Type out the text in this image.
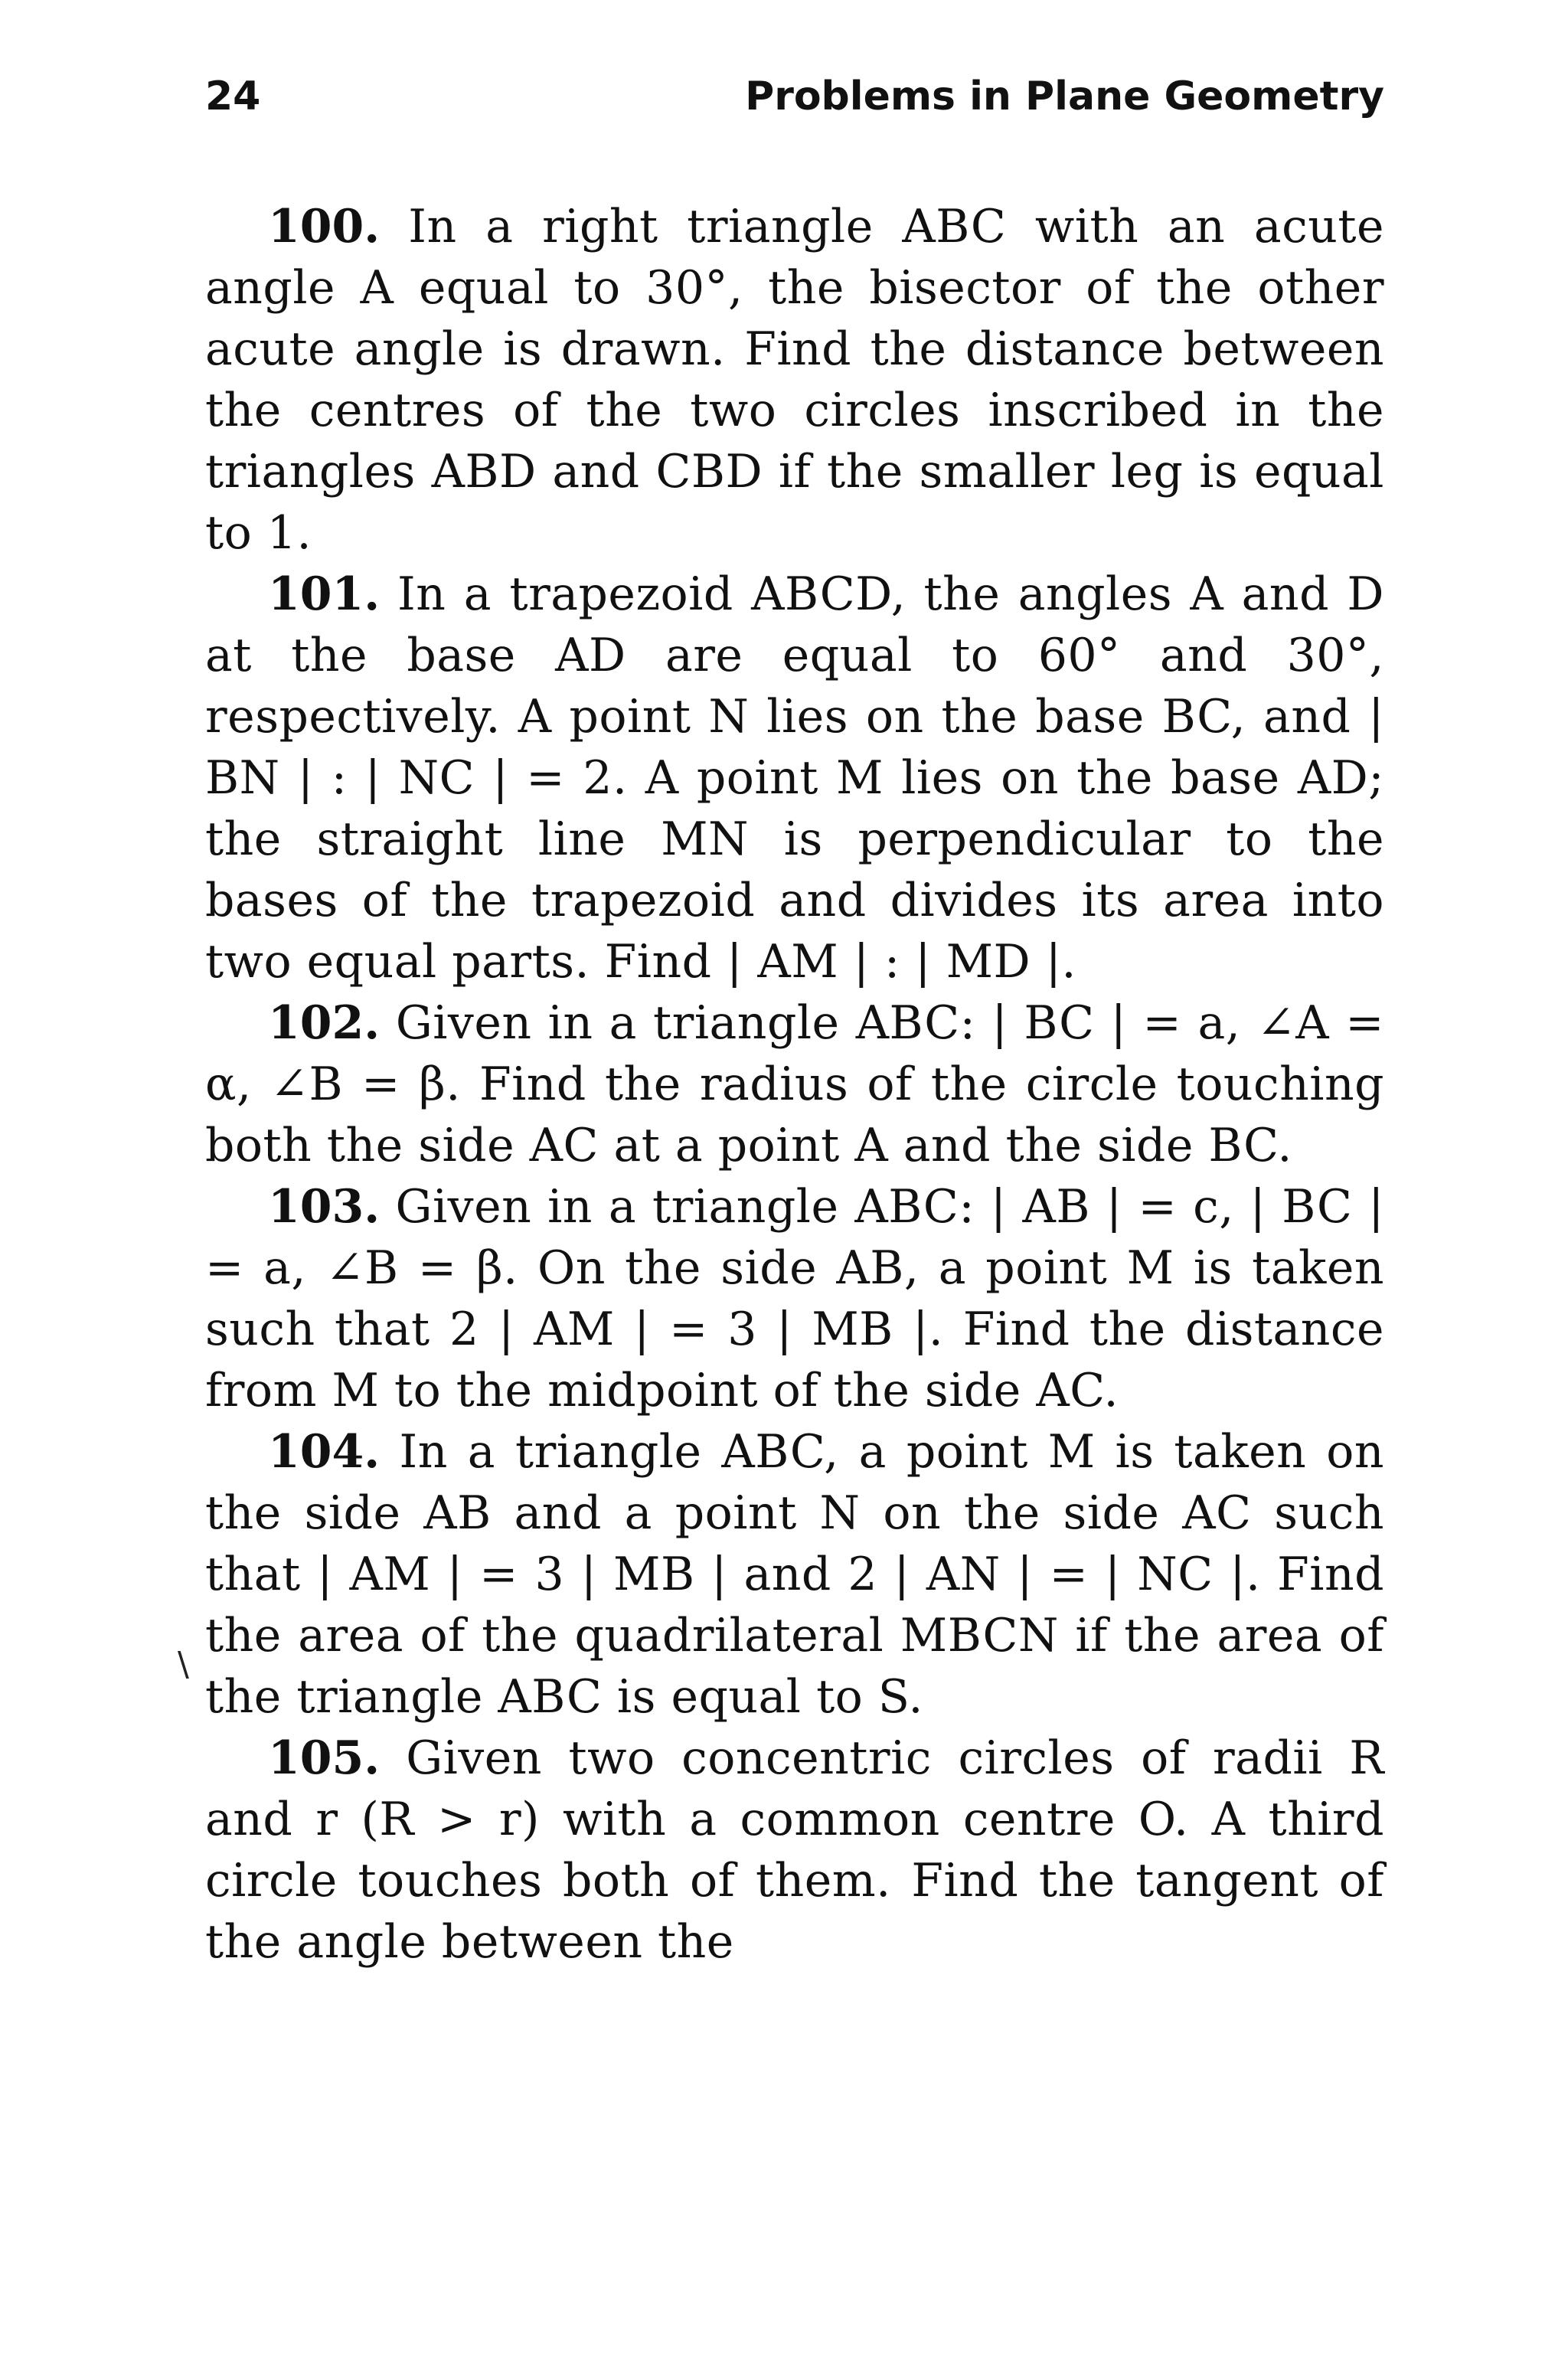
24	Problems in Plane Geometry

100. In a right triangle ABC with an acute angle A equal to 30°, the bisector of the other acute angle is drawn. Find the distance between the centres of the two circles inscribed in the triangles ABD and CBD if the smaller leg is equal to 1.

101. In a trapezoid ABCD, the angles A and D at the base AD are equal to 60° and 30°, respectively. A point N lies on the base BC, and | BN | : | NC | = 2. A point M lies on the base AD; the straight line MN is perpendicular to the bases of the trapezoid and divides its area into two equal parts. Find | AM | : | MD |.

102. Given in a triangle ABC: | BC | = a, ∠A = α, ∠B = β. Find the radius of the circle touching both the side AC at a point A and the side BC.

103. Given in a triangle ABC: | AB | = c, | BC | = a, ∠B = β. On the side AB, a point M is taken such that 2 | AM | = 3 | MB |. Find the distance from M to the midpoint of the side AC.

104. In a triangle ABC, a point M is taken on the side AB and a point N on the side AC such that | AM | = 3 | MB | and 2 | AN | = | NC |. Find the area of the quadrilateral MBCN if the area of the triangle ABC is equal to S.

105. Given two concentric circles of radii R and r (R > r) with a common centre O. A third circle touches both of them. Find the tangent of the angle between the

\
